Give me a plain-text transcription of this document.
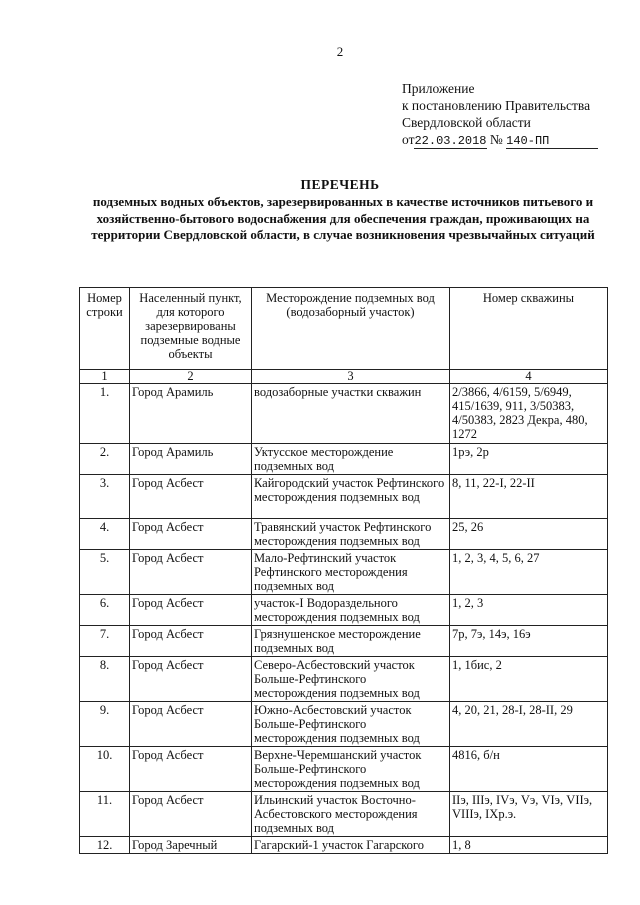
2
Приложение
к постановлению Правительства
Свердловской области
от22.03.2018 № 140-ПП
ПЕРЕЧЕНЬ
подземных водных объектов, зарезервированных в качестве источников питьевого и хозяйственно-бытового водоснабжения для обеспечения граждан, проживающих на территории Свердловской области, в случае возникновения чрезвычайных ситуаций
Номер строки	Населенный пункт, для которого зарезервированы подземные водные объекты	Месторождение подземных вод (водозаборный участок)	Номер скважины
1	2	3	4
1.	Город Арамиль	водозаборные участки скважин	2/3866, 4/6159, 5/6949, 415/1639, 911, 3/50383, 4/50383, 2823 Декра, 480, 1272
2.	Город Арамиль	Уктусское месторождение подземных вод	1рэ, 2р
3.	Город Асбест	Кайгородский участок Рефтинского месторождения подземных вод	8, 11, 22-I, 22-II
4.	Город Асбест	Травянский участок Рефтинского месторождения подземных вод	25, 26
5.	Город Асбест	Мало-Рефтинский участок Рефтинского месторождения подземных вод	1, 2, 3, 4, 5, 6, 27
6.	Город Асбест	участок-I Водораздельного месторождения подземных вод	1, 2, 3
7.	Город Асбест	Грязнушенское месторождение подземных вод	7р, 7э, 14э, 16э
8.	Город Асбест	Северо-Асбестовский участок Больше-Рефтинского месторождения подземных вод	1, 1бис, 2
9.	Город Асбест	Южно-Асбестовский участок Больше-Рефтинского месторождения подземных вод	4, 20, 21, 28-I, 28-II, 29
10.	Город Асбест	Верхне-Черемшанский участок Больше-Рефтинского месторождения подземных вод	4816, б/н
11.	Город Асбест	Ильинский участок Восточно-Асбестовского месторождения подземных вод	IIэ, IIIэ, IVэ, Vэ, VIэ, VIIэ, VIIIэ, IXр.э.
12.	Город Заречный	Гагарский-1 участок Гагарского	1, 8
